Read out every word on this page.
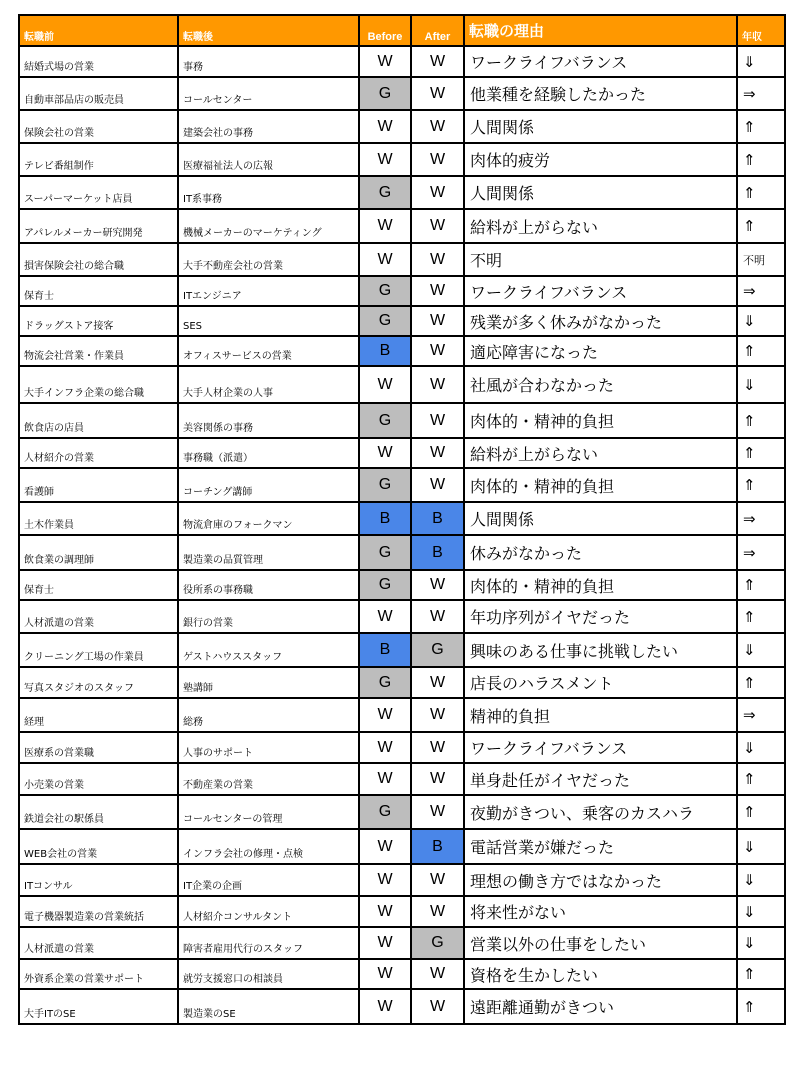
転職前	転職後	Before	After	転職の理由	年収
結婚式場の営業	事務	W	W	ワークライフバランス	⇓
自動車部品店の販売員	コールセンター	G	W	他業種を経験したかった	⇒
保険会社の営業	建築会社の事務	W	W	人間関係	⇑
テレビ番組制作	医療福祉法人の広報	W	W	肉体的疲労	⇑
スーパーマーケット店員	IT系事務	G	W	人間関係	⇑
アパレルメーカー研究開発	機械メーカーのマーケティング	W	W	給料が上がらない	⇑
損害保険会社の総合職	大手不動産会社の営業	W	W	不明	不明
保育士	ITエンジニア	G	W	ワークライフバランス	⇒
ドラッグストア接客	SES	G	W	残業が多く休みがなかった	⇓
物流会社営業・作業員	オフィスサービスの営業	B	W	適応障害になった	⇑
大手インフラ企業の総合職	大手人材企業の人事	W	W	社風が合わなかった	⇓
飲食店の店員	美容関係の事務	G	W	肉体的・精神的負担	⇑
人材紹介の営業	事務職（派遣）	W	W	給料が上がらない	⇑
看護師	コーチング講師	G	W	肉体的・精神的負担	⇑
土木作業員	物流倉庫のフォークマン	B	B	人間関係	⇒
飲食業の調理師	製造業の品質管理	G	B	休みがなかった	⇒
保育士	役所系の事務職	G	W	肉体的・精神的負担	⇑
人材派遣の営業	銀行の営業	W	W	年功序列がイヤだった	⇑
クリーニング工場の作業員	ゲストハウススタッフ	B	G	興味のある仕事に挑戦したい	⇓
写真スタジオのスタッフ	塾講師	G	W	店長のハラスメント	⇑
経理	総務	W	W	精神的負担	⇒
医療系の営業職	人事のサポート	W	W	ワークライフバランス	⇓
小売業の営業	不動産業の営業	W	W	単身赴任がイヤだった	⇑
鉄道会社の駅係員	コールセンターの管理	G	W	夜勤がきつい、乗客のカスハラ	⇑
WEB会社の営業	インフラ会社の修理・点検	W	B	電話営業が嫌だった	⇓
ITコンサル	IT企業の企画	W	W	理想の働き方ではなかった	⇓
電子機器製造業の営業統括	人材紹介コンサルタント	W	W	将来性がない	⇓
人材派遣の営業	障害者雇用代行のスタッフ	W	G	営業以外の仕事をしたい	⇓
外資系企業の営業サポート	就労支援窓口の相談員	W	W	資格を生かしたい	⇑
大手ITのSE	製造業のSE	W	W	遠距離通勤がきつい	⇑
